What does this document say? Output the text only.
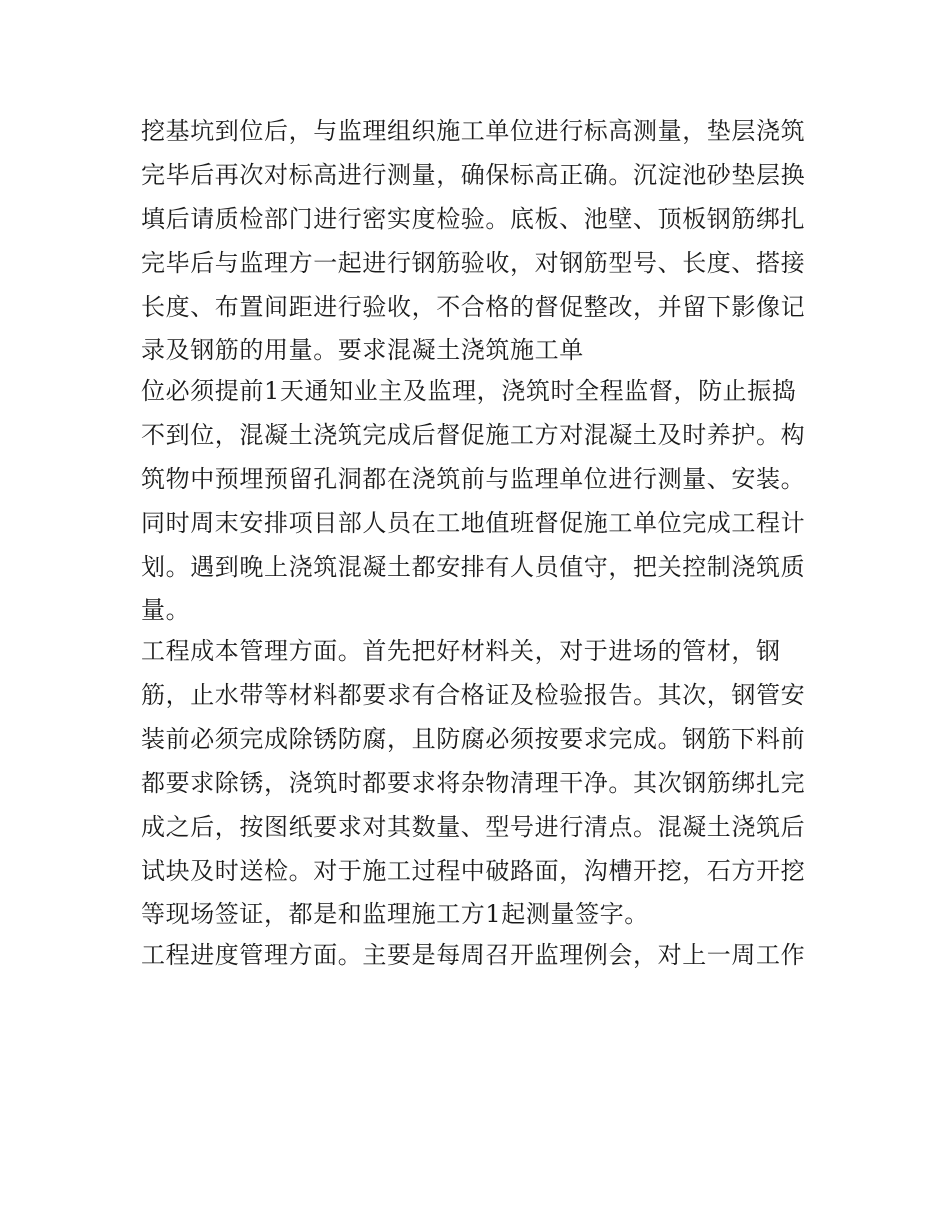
挖基坑到位后，与监理组织施工单位进行标高测量，垫层浇筑
完毕后再次对标高进行测量，确保标高正确。沉淀池砂垫层换
填后请质检部门进行密实度检验。底板、池壁、顶板钢筋绑扎
完毕后与监理方一起进行钢筋验收，对钢筋型号、长度、搭接
长度、布置间距进行验收，不合格的督促整改，并留下影像记
录及钢筋的用量。要求混凝土浇筑施工单
位必须提前1天通知业主及监理，浇筑时全程监督，防止振捣
不到位，混凝土浇筑完成后督促施工方对混凝土及时养护。构
筑物中预埋预留孔洞都在浇筑前与监理单位进行测量、安装。
同时周末安排项目部人员在工地值班督促施工单位完成工程计
划。遇到晚上浇筑混凝土都安排有人员值守，把关控制浇筑质
量。
工程成本管理方面。首先把好材料关，对于进场的管材，钢
筋，止水带等材料都要求有合格证及检验报告。其次，钢管安
装前必须完成除锈防腐，且防腐必须按要求完成。钢筋下料前
都要求除锈，浇筑时都要求将杂物清理干净。其次钢筋绑扎完
成之后，按图纸要求对其数量、型号进行清点。混凝土浇筑后
试块及时送检。对于施工过程中破路面，沟槽开挖，石方开挖
等现场签证，都是和监理施工方1起测量签字。
工程进度管理方面。主要是每周召开监理例会，对上一周工作
